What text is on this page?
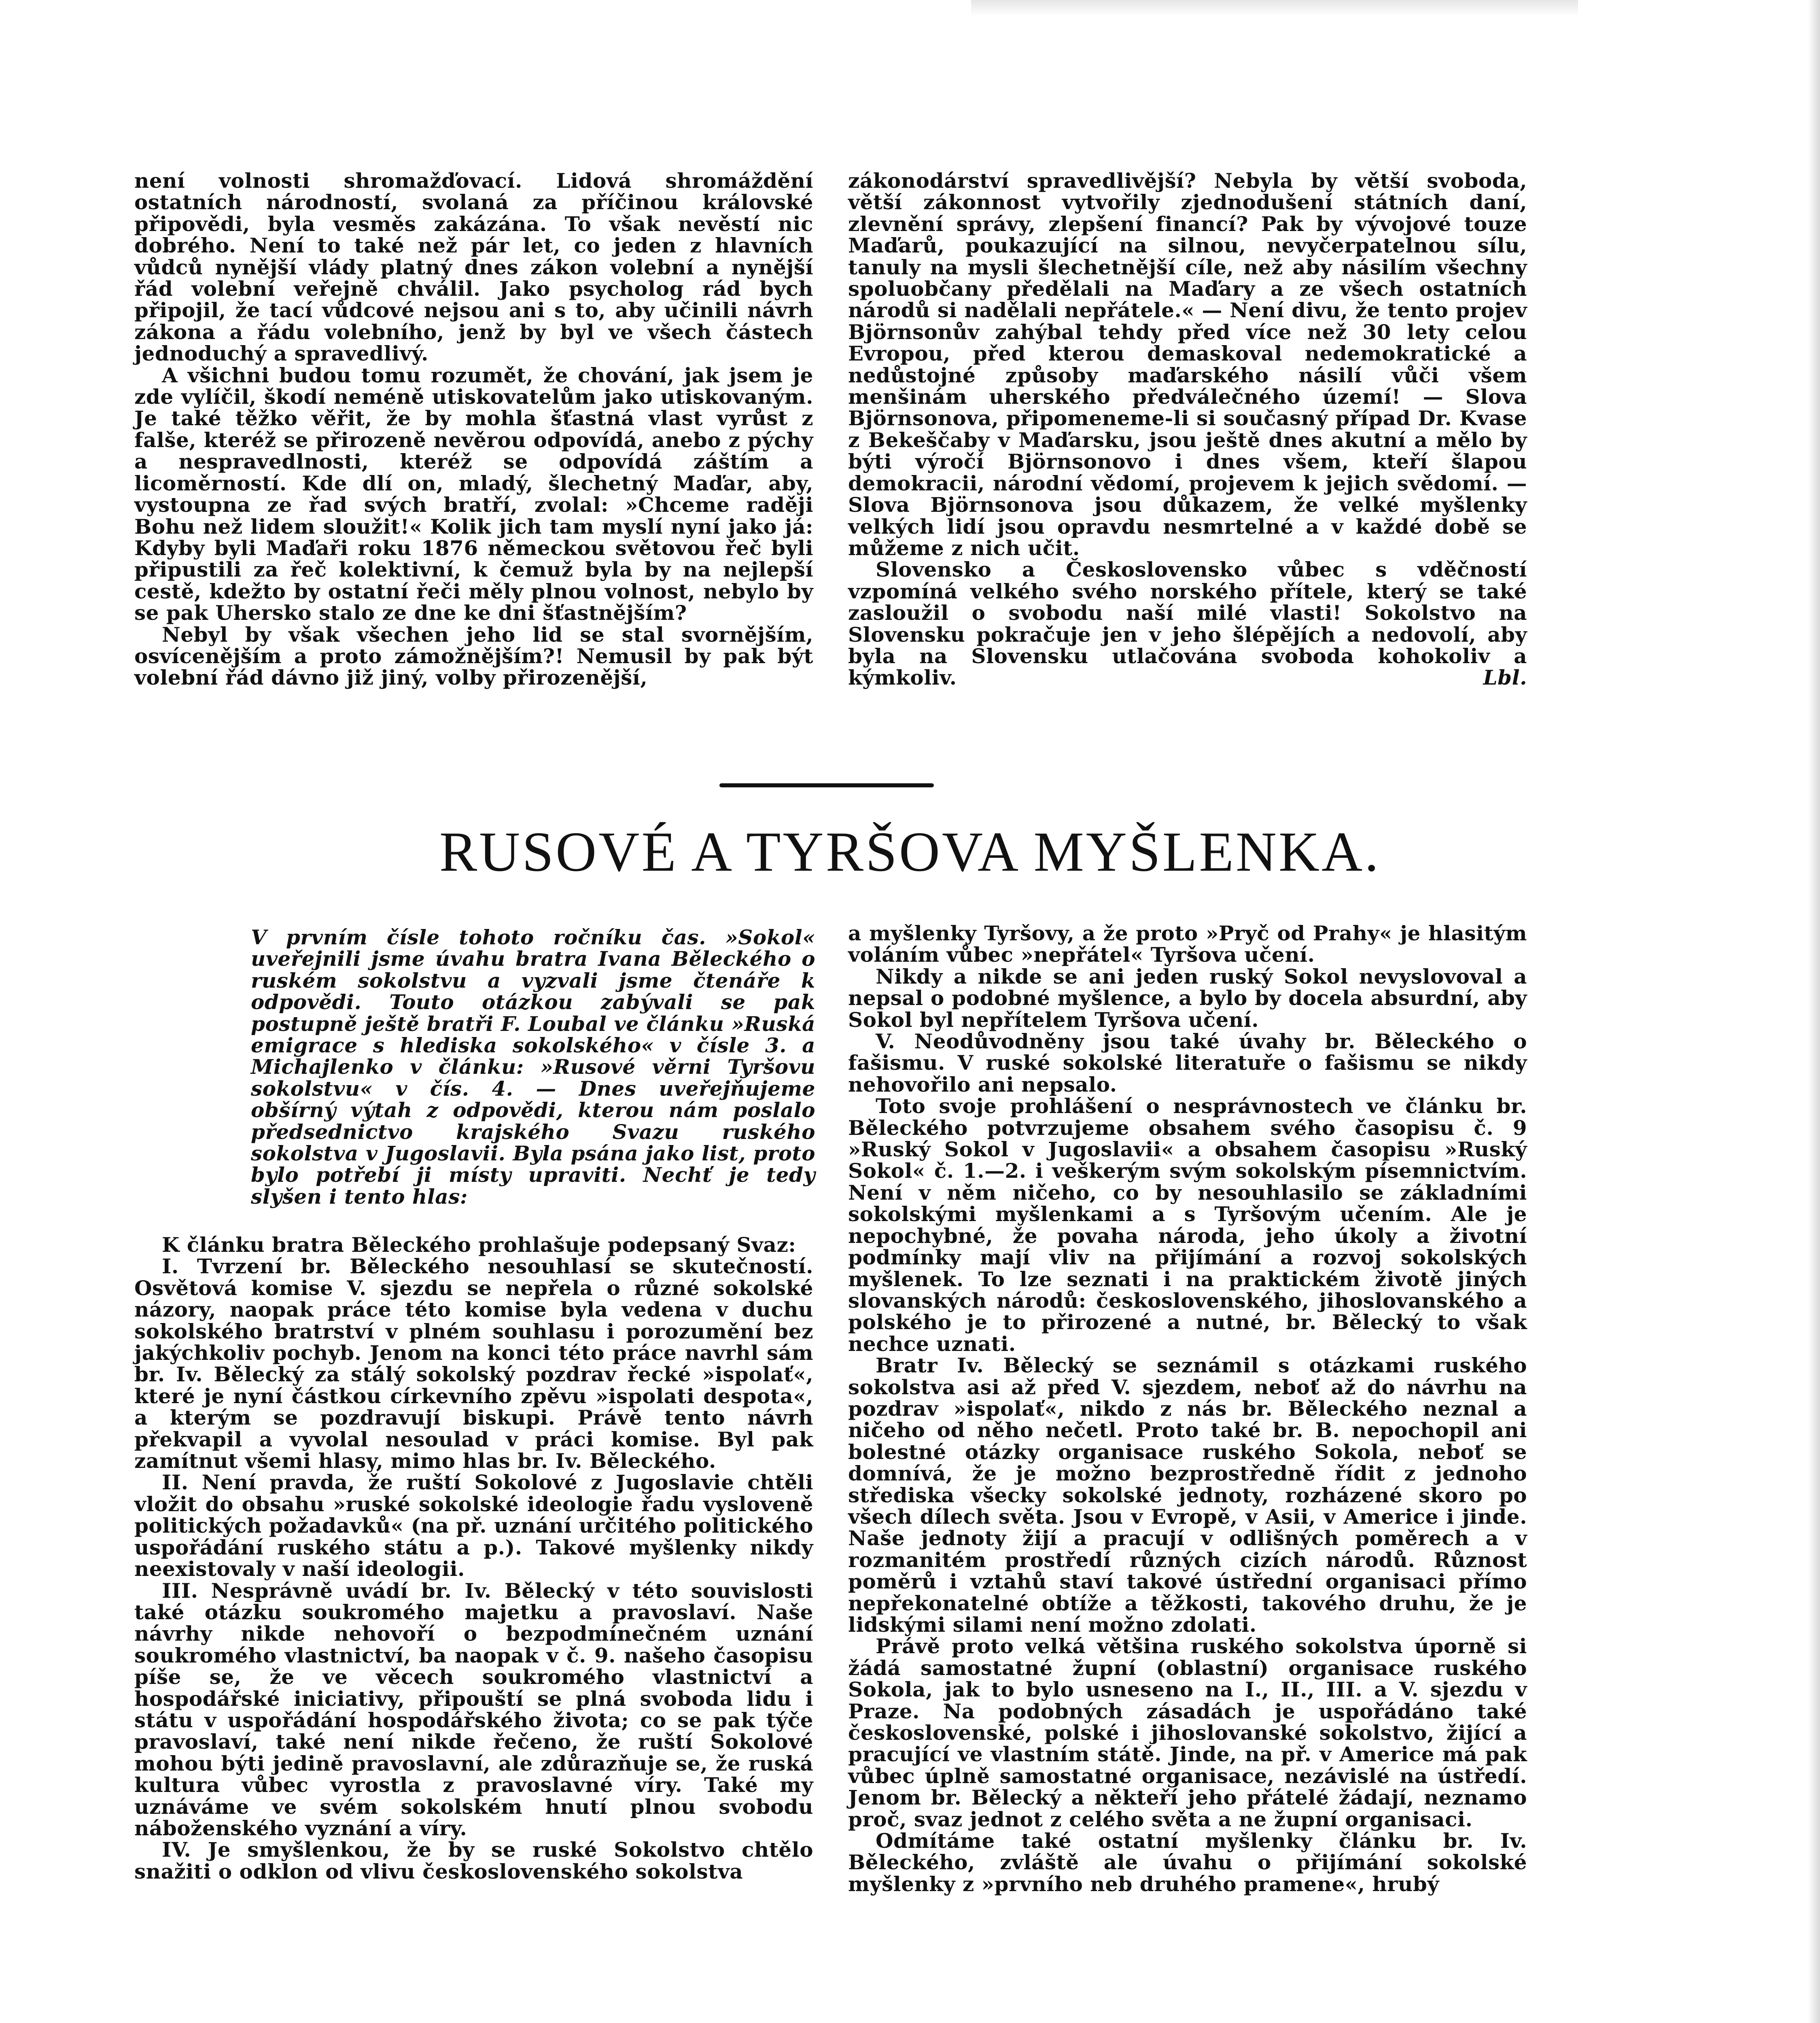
není volnosti shromažďovací. Lidová shromáždění ostatních národností, svolaná za příčinou královské připovědi, byla vesměs zakázána. To však nevěstí nic dobrého. Není to také než pár let, co jeden z hlavních vůdců nynější vlády platný dnes zákon volební a nynější řád volební veřejně chválil. Jako psycholog rád bych připojil, že tací vůdcové nejsou ani s to, aby učinili návrh zákona a řádu volebního, jenž by byl ve všech částech jednoduchý a spravedlivý.

A všichni budou tomu rozumět, že chování, jak jsem je zde vylíčil, škodí neméně utiskovatelům jako utiskovaným. Je také těžko věřit, že by mohla šťastná vlast vyrůst z falše, kteréž se přirozeně nevěrou odpovídá, anebo z pýchy a nespravedlnosti, kteréž se odpovídá záštím a licoměrností. Kde dlí on, mladý, šlechetný Maďar, aby, vystoupna ze řad svých bratří, zvolal: »Chceme raději Bohu než lidem sloužit!« Kolik jich tam myslí nyní jako já: Kdyby byli Maďaři roku 1876 německou světovou řeč byli připustili za řeč kolektivní, k čemuž byla by na nejlepší cestě, kdežto by ostatní řeči měly plnou volnost, nebylo by se pak Uhersko stalo ze dne ke dni šťastnějším?

Nebyl by však všechen jeho lid se stal svornějším, osvícenějším a proto zámožnějším?! Nemusil by pak být volební řád dávno již jiný, volby přirozenější,

zákonodárství spravedlivější? Nebyla by větší svoboda, větší zákonnost vytvořily zjednodušení státních daní, zlevnění správy, zlepšení financí? Pak by vývojové touze Maďarů, poukazující na silnou, nevyčerpatelnou sílu, tanuly na mysli šlechetnější cíle, než aby násilím všechny spoluobčany předělali na Maďary a ze všech ostatních národů si nadělali nepřátele.« — Není divu, že tento projev Björnsonův zahýbal tehdy před více než 30 lety celou Evropou, před kterou demaskoval nedemokratické a nedůstojné způsoby maďarského násilí vůči všem menšinám uherského předválečného území! — Slova Björnsonova, připomeneme-li si současný případ Dr. Kvase z Bekeščaby v Maďarsku, jsou ještě dnes akutní a mělo by býti výročí Björnsonovo i dnes všem, kteří šlapou demokracii, národní vědomí, projevem k jejich svědomí. — Slova Björnsonova jsou důkazem, že velké myšlenky velkých lidí jsou opravdu nesmrtelné a v každé době se můžeme z nich učit.

Slovensko a Československo vůbec s vděčností vzpomíná velkého svého norského přítele, který se také zasloužil o svobodu naší milé vlasti! Sokolstvo na Slovensku pokračuje jen v jeho šlépějích a nedovolí, aby byla na Slovensku utlačována svoboda kohokoliv a kýmkoliv.	Lbl.

RUSOVÉ A TYRŠOVA MYŠLENKA.

V prvním čísle tohoto ročníku čas. »Sokol« uveřejnili jsme úvahu bratra Ivana Běleckého o ruském sokolstvu a vyzvali jsme čtenáře k odpovědi. Touto otázkou zabývali se pak postupně ještě bratři F. Loubal ve článku »Ruská emigrace s hlediska sokolského« v čísle 3. a Michajlenko v článku: »Rusové věrni Tyršovu sokolstvu« v čís. 4. — Dnes uveřejňujeme obšírný výtah z odpovědi, kterou nám poslalo předsednictvo krajského Svazu ruského sokolstva v Jugoslavii. Byla psána jako list, proto bylo potřebí ji místy upraviti. Nechť je tedy slyšen i tento hlas:

K článku bratra Běleckého prohlašuje podepsaný Svaz:

I. Tvrzení br. Běleckého nesouhlasí se skutečností. Osvětová komise V. sjezdu se nepřela o různé sokolské názory, naopak práce této komise byla vedena v duchu sokolského bratrství v plném souhlasu i porozumění bez jakýchkoliv pochyb. Jenom na konci této práce navrhl sám br. Iv. Bělecký za stálý sokolský pozdrav řecké »ispolať«, které je nyní částkou církevního zpěvu »ispolati despota«, a kterým se pozdravují biskupi. Právě tento návrh překvapil a vyvolal nesoulad v práci komise. Byl pak zamítnut všemi hlasy, mimo hlas br. Iv. Běleckého.

II. Není pravda, že ruští Sokolové z Jugoslavie chtěli vložit do obsahu »ruské sokolské ideologie řadu vysloveně politických požadavků« (na př. uznání určitého politického uspořádání ruského státu a p.). Takové myšlenky nikdy neexistovaly v naší ideologii.

III. Nesprávně uvádí br. Iv. Bělecký v této souvislosti také otázku soukromého majetku a pravoslaví. Naše návrhy nikde nehovoří o bezpodmínečném uznání soukromého vlastnictví, ba naopak v č. 9. našeho časopisu píše se, že ve věcech soukromého vlastnictví a hospodářské iniciativy, připouští se plná svoboda lidu i státu v uspořádání hospodářského života; co se pak týče pravoslaví, také není nikde řečeno, že ruští Sokolové mohou býti jedině pravoslavní, ale zdůrazňuje se, že ruská kultura vůbec vyrostla z pravoslavné víry. Také my uznáváme ve svém sokolském hnutí plnou svobodu náboženského vyznání a víry.

IV. Je smyšlenkou, že by se ruské Sokolstvo chtělo snažiti o odklon od vlivu československého sokolstva

a myšlenky Tyršovy, a že proto »Pryč od Prahy« je hlasitým voláním vůbec »nepřátel« Tyršova učení.

Nikdy a nikde se ani jeden ruský Sokol nevyslovoval a nepsal o podobné myšlence, a bylo by docela absurdní, aby Sokol byl nepřítelem Tyršova učení.

V. Neodůvodněny jsou také úvahy br. Běleckého o fašismu. V ruské sokolské literatuře o fašismu se nikdy nehovořilo ani nepsalo.

Toto svoje prohlášení o nesprávnostech ve článku br. Běleckého potvrzujeme obsahem svého časopisu č. 9 »Ruský Sokol v Jugoslavii« a obsahem časopisu »Ruský Sokol« č. 1.—2. i veškerým svým sokolským písemnictvím. Není v něm ničeho, co by nesouhlasilo se základními sokolskými myšlenkami a s Tyršovým učením. Ale je nepochybné, že povaha národa, jeho úkoly a životní podmínky mají vliv na přijímání a rozvoj sokolských myšlenek. To lze seznati i na praktickém životě jiných slovanských národů: československého, jihoslovanského a polského je to přirozené a nutné, br. Bělecký to však nechce uznati.

Bratr Iv. Bělecký se seznámil s otázkami ruského sokolstva asi až před V. sjezdem, neboť až do návrhu na pozdrav »ispolať«, nikdo z nás br. Běleckého neznal a ničeho od něho nečetl. Proto také br. B. nepochopil ani bolestné otázky organisace ruského Sokola, neboť se domnívá, že je možno bezprostředně řídit z jednoho střediska všecky sokolské jednoty, rozházené skoro po všech dílech světa. Jsou v Evropě, v Asii, v Americe i jinde. Naše jednoty žijí a pracují v odlišných poměrech a v rozmanitém prostředí různých cizích národů. Různost poměrů i vztahů staví takové ústřední organisaci přímo nepřekonatelné obtíže a těžkosti, takového druhu, že je lidskými silami není možno zdolati.

Právě proto velká většina ruského sokolstva úporně si žádá samostatné župní (oblastní) organisace ruského Sokola, jak to bylo usneseno na I., II., III. a V. sjezdu v Praze. Na podobných zásadách je uspořádáno také československé, polské i jihoslovanské sokolstvo, žijící a pracující ve vlastním státě. Jinde, na př. v Americe má pak vůbec úplně samostatné organisace, nezávislé na ústředí. Jenom br. Bělecký a někteří jeho přátelé žádají, neznamo proč, svaz jednot z celého světa a ne župní organisaci.

Odmítáme také ostatní myšlenky článku br. Iv. Běleckého, zvláště ale úvahu o přijímání sokolské myšlenky z »prvního neb druhého pramene«, hrubý
